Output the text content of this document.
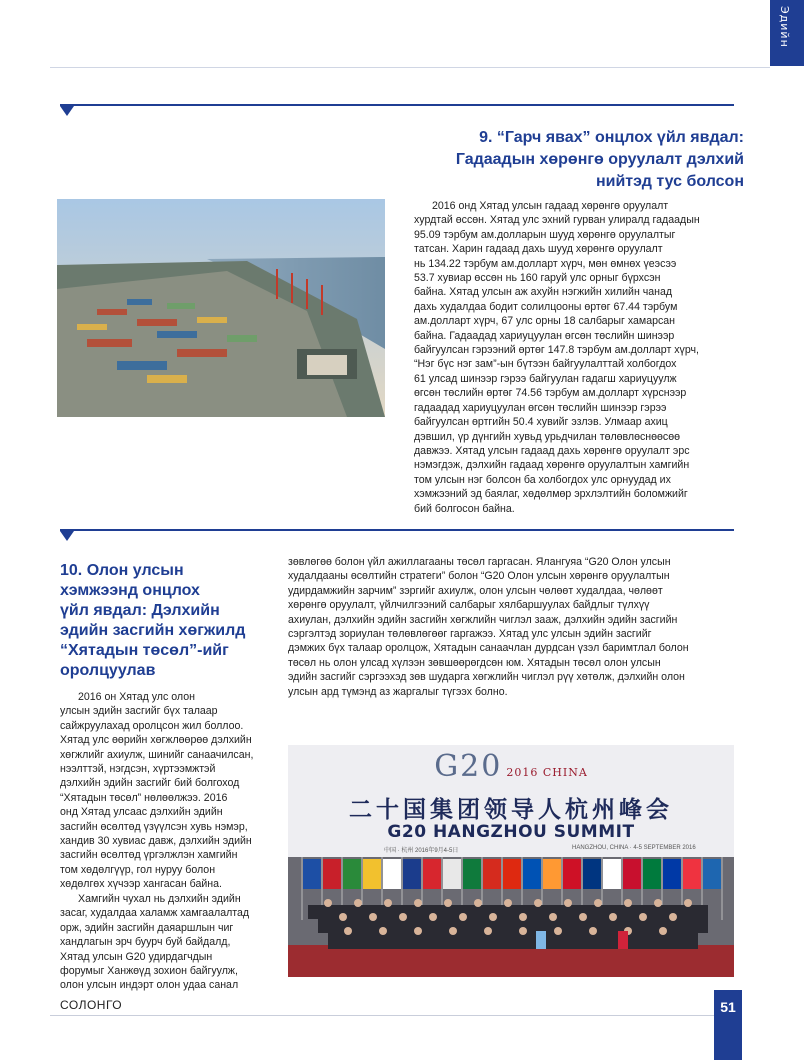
Эдийн
9. “Гарч явах” онцлох үйл явдал:
Гадаадын хөрөнгө оруулалт дэлхий
нийтэд тус болсон
2016 онд Хятад улсын гадаад хөрөнгө оруулалт
хурдтай өссөн. Хятад улс эхний гурван улиралд гадаадын
95.09 тэрбум ам.долларын шууд хөрөнгө оруулалтыг
татсан. Харин гадаад дахь шууд хөрөнгө оруулалт
нь 134.22 тэрбум ам.долларт хүрч, мөн өмнөх үеэсээ
53.7 хувиар өссөн нь 160 гаруй улс орныг бүрхсэн
байна. Хятад улсын аж ахуйн нэгжийн хилийн чанад
дахь худалдаа бодит солилцооны өртөг 67.44 тэрбум
ам.долларт хүрч, 67 улс орны 18 салбарыг хамарсан
байна. Гадаадад хариуцуулан өгсөн төслийн шинээр
байгуулсан гэрээний өртөг 147.8 тэрбум ам.долларт хүрч,
“Нэг бүс нэг зам”-ын бүтээн байгуулалттай холбогдох
61 улсад шинээр гэрээ байгуулан гадагш хариуцуулж
өгсөн төслийн өртөг 74.56 тэрбум ам.долларт хүрснээр
гадаадад хариуцуулан өгсөн төслийн шинээр гэрээ
байгуулсан өртгийн 50.4 хувийг эзлэв. Улмаар ахиц
дэвшил, үр дүнгийн хувьд урьдчилан төлөвлөснөөсөө
давжээ. Хятад улсын гадаад дахь хөрөнгө оруулалт эрс
нэмэгдэж, дэлхийн гадаад хөрөнгө оруулалтын хамгийн
том улсын нэг болсон ба холбогдох улс орнуудад их
хэмжээний эд баялаг, хөдөлмөр эрхлэлтийн боломжийг
бий болгосон байна.
10. Олон улсын
хэмжээнд онцлох
үйл явдал: Дэлхийн
эдийн засгийн хөгжилд
“Хятадын төсөл”-ийг
оролцуулав
2016 он Хятад улс олон
улсын эдийн засгийг бүх талаар
сайжруулахад оролцсон жил боллоо.
Хятад улс өөрийн хөгжлөөрөө дэлхийн
хөгжлийг ахиулж, шинийг санаачилсан,
нээлттэй, нэгдсэн, хүртээмжтэй
дэлхийн эдийн засгийг бий болгоход
“Хятадын төсөл” нөлөөлжээ. 2016
онд Хятад улсаас дэлхийн эдийн
засгийн өсөлтөд үзүүлсэн хувь нэмэр,
хандив 30 хувиас давж, дэлхийн эдийн
засгийн өсөлтөд үргэлжлэн хамгийн
том хөдөлгүүр, гол нуруу болон
хөдөлгөх хүчээр хангасан байна.
Хамгийн чухал нь дэлхийн эдийн
засаг, худалдаа халамж хамгаалалтад
орж, эдийн засгийн даяаршлын чиг
хандлагын эрч буурч буй байдалд,
Хятад улсын G20 удирдагчдын
форумыг Ханжөүд зохион байгуулж,
олон улсын индэрт олон удаа санал
зөвлөгөө болон үйл ажиллагааны төсөл гаргасан. Ялангуяа “G20 Олон улсын
худалдааны өсөлтийн стратеги” болон “G20 Олон улсын хөрөнгө оруулалтын
удирдамжийн зарчим” зэргийг ахиулж, олон улсын чөлөөт худалдаа, чөлөөт
хөрөнгө оруулалт, үйлчилгээний салбарыг хялбаршуулах байдлыг түлхүү
ахиулан, дэлхийн эдийн засгийн хөгжлийн чиглэл зааж, дэлхийн эдийн засгийн
сэргэлтэд зориулан төлөвлөгөөг гаргажээ. Хятад улс улсын эдийн засгийг
дэмжих бүх талаар оролцож, Хятадын санаачлан дурдсан үзэл баримтлал болон
төсөл нь олон улсад хүлээн зөвшөөрөгдсөн юм. Хятадын төсөл олон улсын
эдийн засгийг сэргээхэд зөв шударга хөгжлийн чиглэл рүү хөтөлж, дэлхийн олон
улсын ард түмэнд аз жаргалыг түгээх болно.
G20 2016 CHINA
二十国集团领导人杭州峰会
G20 HANGZHOU SUMMIT
中国 · 杭州 2016年9月4-5日	HANGZHOU, CHINA · 4-5 SEPTEMBER 2016
СОЛОНГО	51
